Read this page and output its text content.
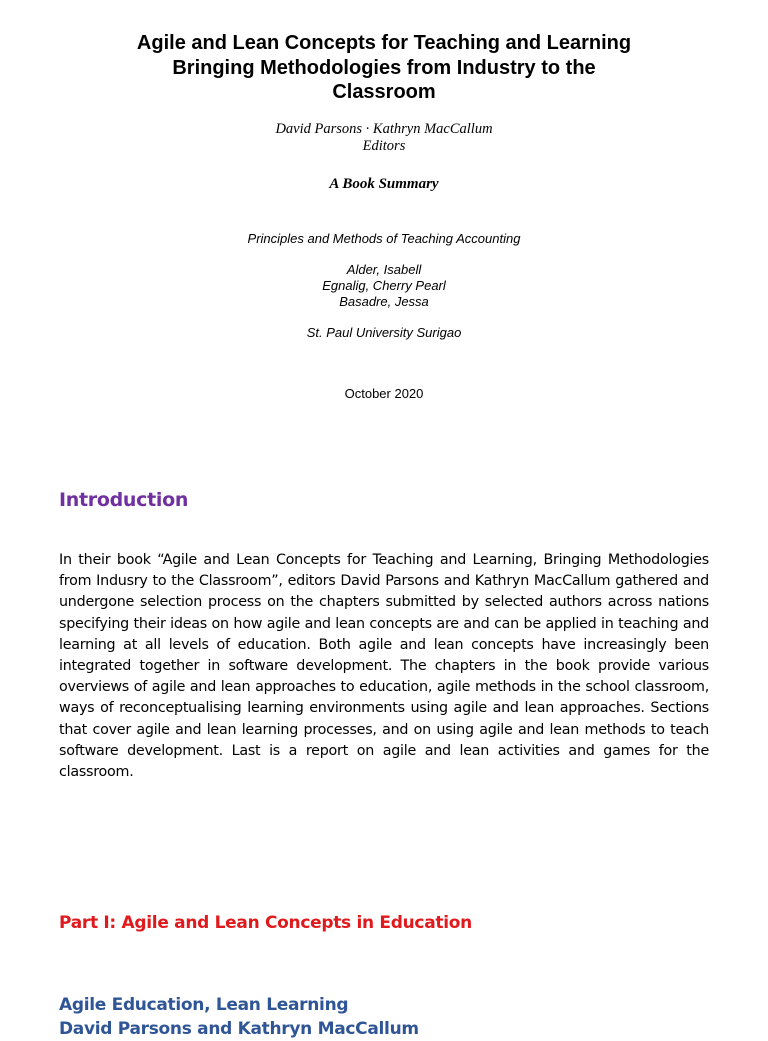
Agile and Lean Concepts for Teaching and Learning
Bringing Methodologies from Industry to the
Classroom
David Parsons · Kathryn MacCallum
Editors
A Book Summary
Principles and Methods of Teaching Accounting
Alder, Isabell
Egnalig, Cherry Pearl
Basadre, Jessa
St. Paul University Surigao
October 2020
Introduction

In their book “Agile and Lean Concepts for Teaching and Learning, Bringing Methodologies from Indusry to the Classroom”, editors David Parsons and Kathryn MacCallum gathered and undergone selection process on the chapters submitted by selected authors across nations specifying their ideas on how agile and lean concepts are and can be applied in teaching and learning at all levels of education. Both agile and lean concepts have increasingly been integrated together in software development. The chapters in the book provide various overviews of agile and lean approaches to education, agile methods in the school classroom, ways of reconceptualising learning environments using agile and lean approaches. Sections that cover agile and lean learning processes, and on using agile and lean methods to teach software development. Last is a report on agile and lean activities and games for the classroom.

Part I: Agile and Lean Concepts in Education
Agile Education, Lean Learning
David Parsons and Kathryn MacCallum
